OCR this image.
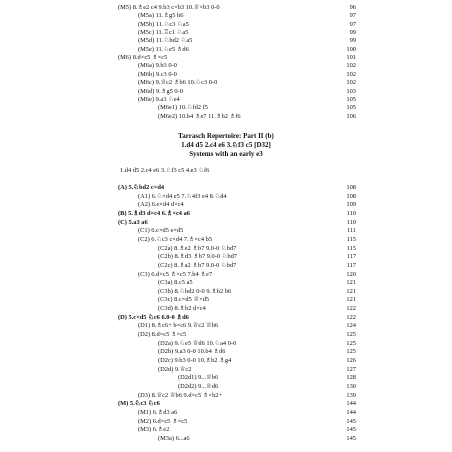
(M5) 8.♗e2 c4 9.b3 c×b3 10.♕×b3 0-0	96
(M5a) 11.♗g5 h6	97
(M5b) 11.♘c3 ♘a5	97
(M5c) 11.♖c1 ♘a5	99
(M5d) 11.♘bd2 ♘a5	99
(M5e) 11.♘e5 ♗d6	100
(M6) 8.d×c5 ♗×c5	101
(M6a) 9.b3 0-0	102
(M6b) 9.c3 0-0	102
(M6c) 9.♕c2 ♗b6 10.♘c3 0-0	102
(M6d) 9.♗g5 0-0	103
(M6e) 9.a3 ♘e4	105
(M6e1) 10.♘fd2 f5	105
(M6e2) 10.b4 ♗e7 11.♗b2 ♗f6	106
Tarrasch Repertoire: Part II (b)
1.d4 d5 2.c4 e6 3.♘f3 c5 [D32]
Systems with an early e3
1.d4 d5 2.c4 e6 3.♘f3 c5 4.e3 ♘f6
(A) 5.♘bd2 c×d4	108
(A1) 6.♘×d4 e5 7.♘4f3 e4 8.♘d4	108
(A2) 6.e×d4 d×c4	109
(B) 5.♗d3 d×c4 6.♗×c4 a6	110
(C) 5.a3 a6	110
(C1) 6.c×d5 e×d5	111
(C2) 6.♘c3 c×d4 7.♗×c4 b5	115
(C2a) 8.♗e2 ♗b7 9.0-0 ♘bd7	115
(C2b) 8.♗d3 ♗b7 9.0-0 ♘bd7	117
(C2c) 8.♗a2 ♗b7 9.0-0 ♘bd7	117
(C3) 6.d×c5 ♗×c5 7.b4 ♗e7	120
(C3a) 8.c5 a5	121
(C3b) 8.♘bd2 0-0 9.♗b2 b6	121
(C3c) 8.c×d5 ♕×d5	121
(C3d) 8.♗b2 d×c4	122
(D) 5.c×d5 ♘c6 6.0-0 ♗d6	122
(D1) 8.♗c6+ b×c6 9.♕c2 ♕b6	124
(D2) 8.d×c5 ♗×c5	125
(D2a) 9.♘e5 ♕d6 10.♘a4 0-0	125
(D2b) 9.a3 0-0 10.b4 ♗d6	125
(D2c) 9.b3 0-0 10.♗b2 ♗g4	126
(D2d) 9.♕c2	127
(D2d1) 9...♕b6	128
(D2d2) 9...♕d6	130
(D3) 8.♕c2 ♕b6 9.d×c5 ♗×h2+	139
(M) 5.♘c3 ♘c6	144
(M1) 6.♗d3 a6	144
(M2) 6.d×c5 ♗×c5	145
(M3) 6.♗e2	145
(M3a) 6...a6	145
